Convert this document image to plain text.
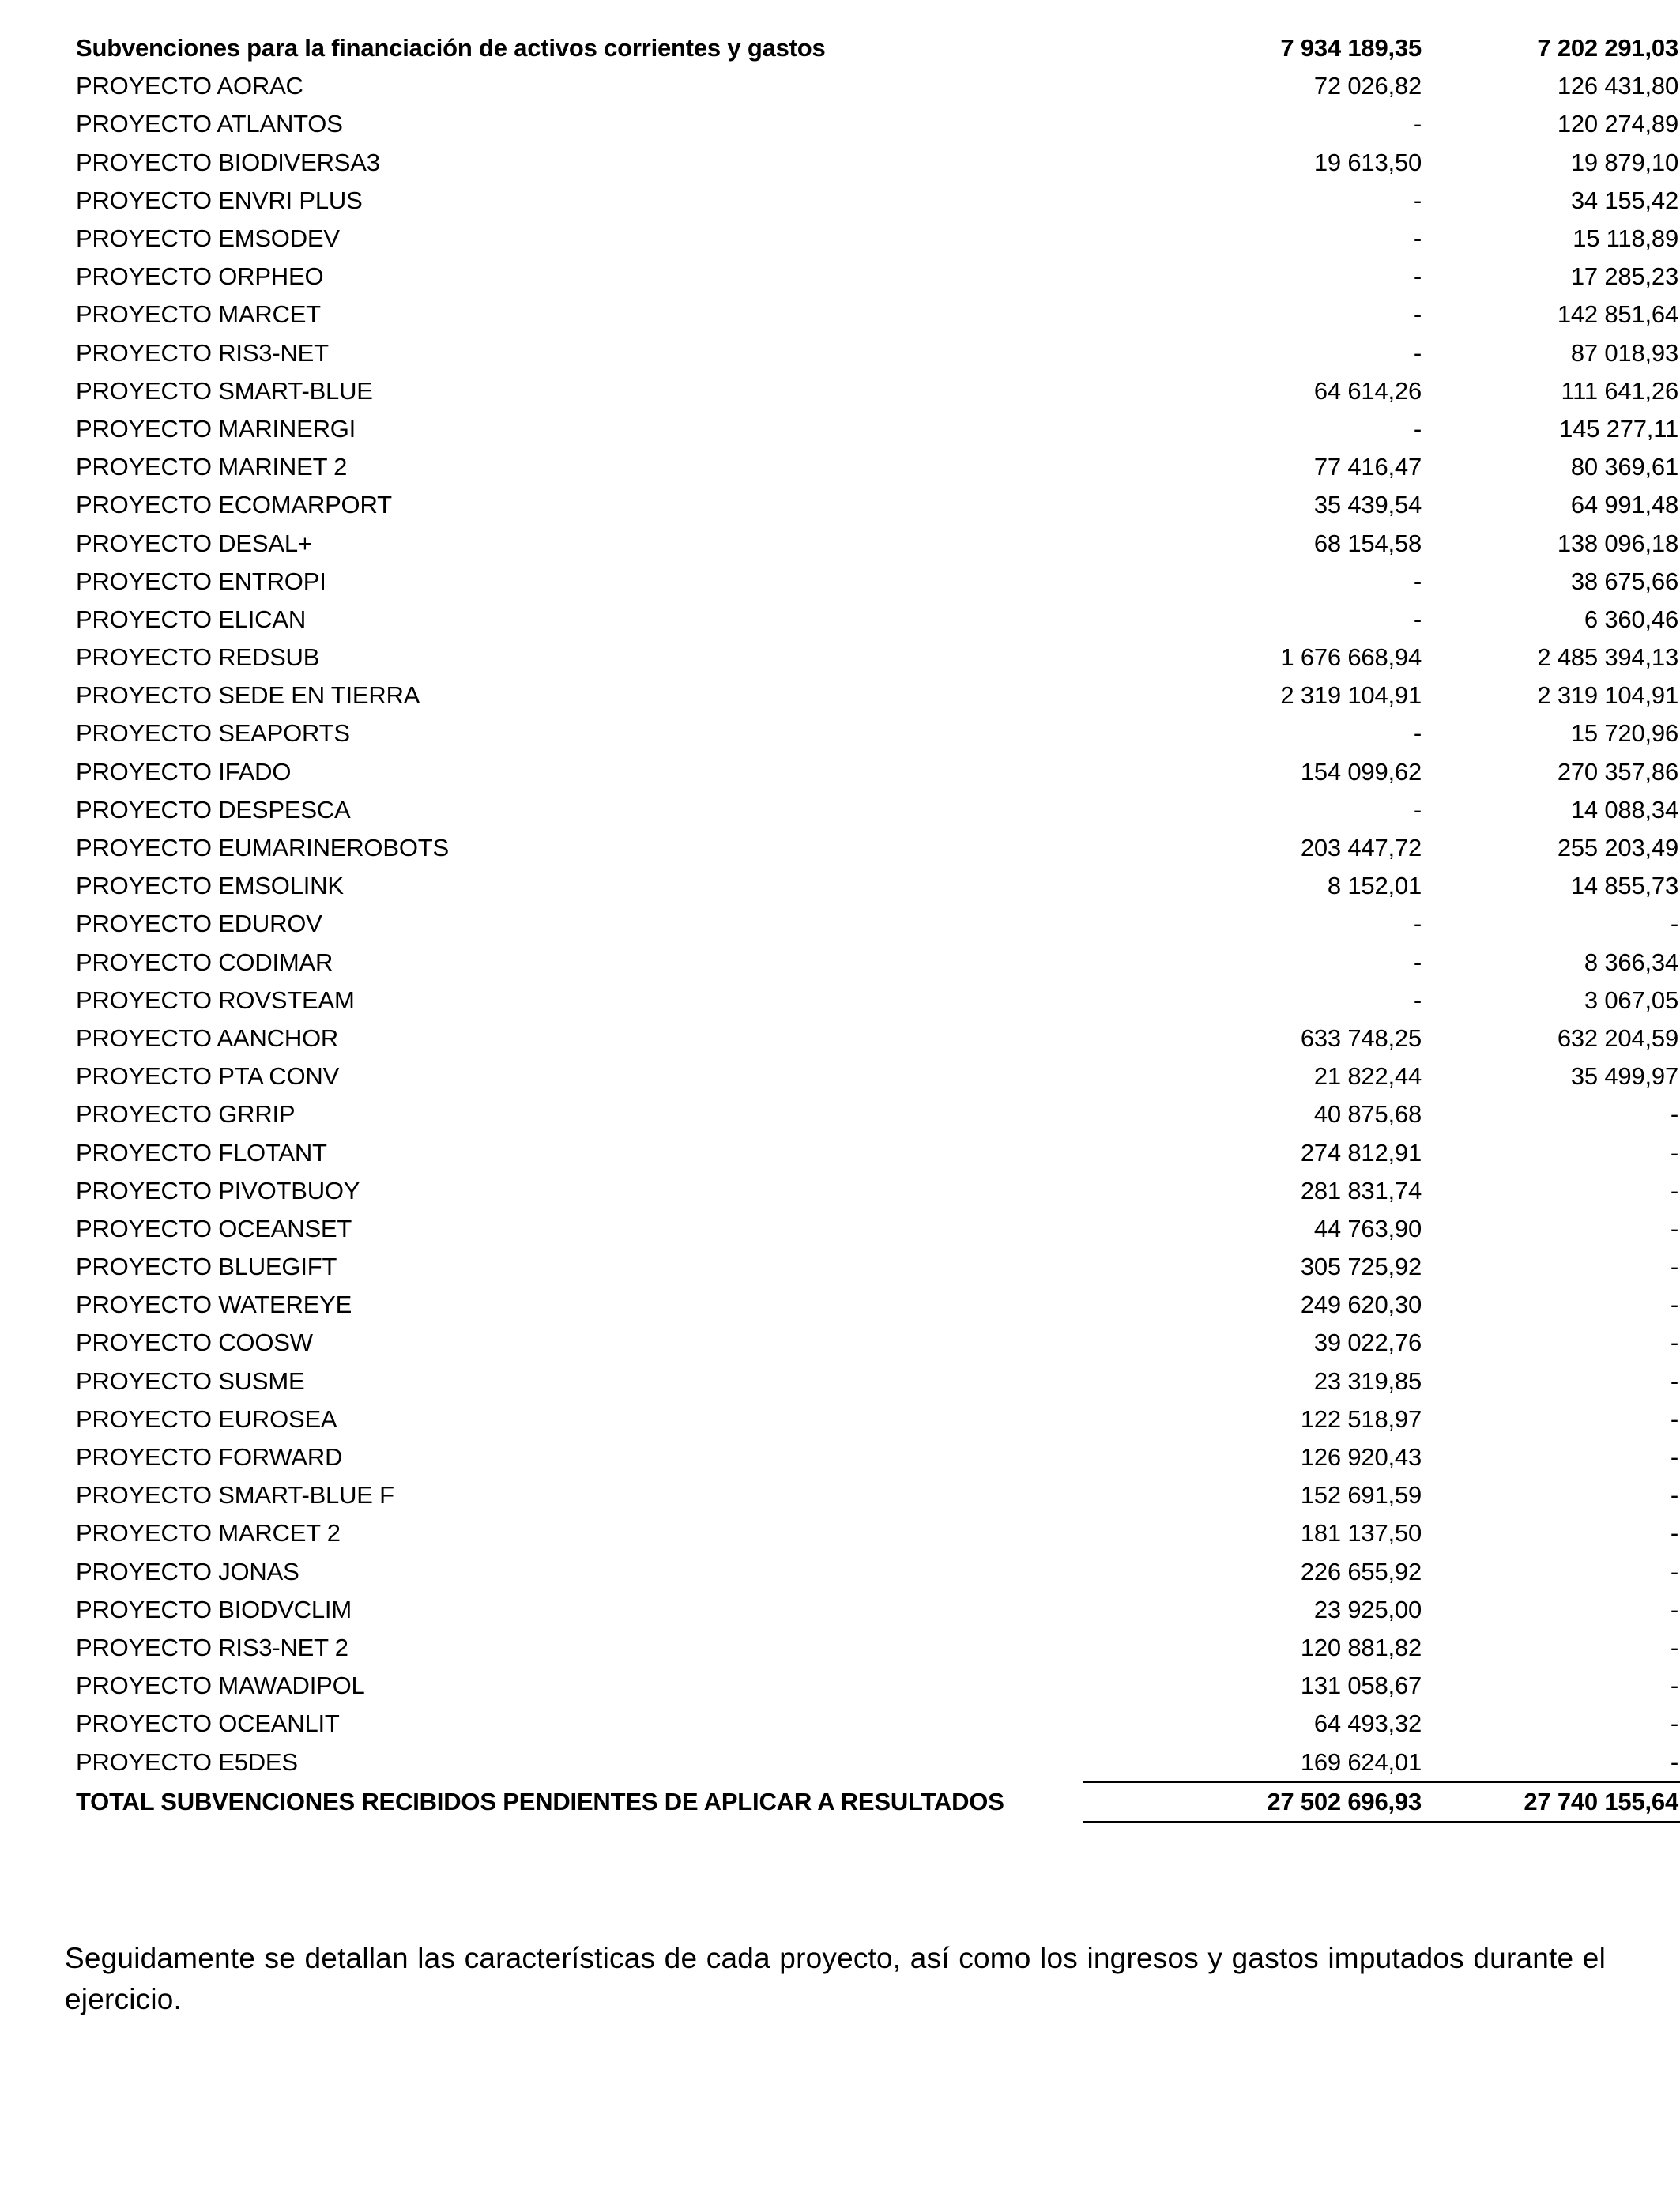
Subvenciones para la financiación de activos corrientes y gastos	7 934 189,35	7 202 291,03
PROYECTO AORAC	72 026,82	126 431,80
PROYECTO ATLANTOS	-	120 274,89
PROYECTO BIODIVERSA3	19 613,50	19 879,10
PROYECTO ENVRI PLUS	-	34 155,42
PROYECTO EMSODEV	-	15 118,89
PROYECTO ORPHEO	-	17 285,23
PROYECTO MARCET	-	142 851,64
PROYECTO RIS3-NET	-	87 018,93
PROYECTO SMART-BLUE	64 614,26	111 641,26
PROYECTO MARINERGI	-	145 277,11
PROYECTO MARINET 2	77 416,47	80 369,61
PROYECTO ECOMARPORT	35 439,54	64 991,48
PROYECTO DESAL+	68 154,58	138 096,18
PROYECTO ENTROPI	-	38 675,66
PROYECTO ELICAN	-	6 360,46
PROYECTO REDSUB	1 676 668,94	2 485 394,13
PROYECTO SEDE EN TIERRA	2 319 104,91	2 319 104,91
PROYECTO SEAPORTS	-	15 720,96
PROYECTO IFADO	154 099,62	270 357,86
PROYECTO DESPESCA	-	14 088,34
PROYECTO EUMARINEROBOTS	203 447,72	255 203,49
PROYECTO EMSOLINK	8 152,01	14 855,73
PROYECTO EDUROV	-	-
PROYECTO CODIMAR	-	8 366,34
PROYECTO ROVSTEAM	-	3 067,05
PROYECTO AANCHOR	633 748,25	632 204,59
PROYECTO PTA CONV	21 822,44	35 499,97
PROYECTO GRRIP	40 875,68	-
PROYECTO FLOTANT	274 812,91	-
PROYECTO PIVOTBUOY	281 831,74	-
PROYECTO OCEANSET	44 763,90	-
PROYECTO BLUEGIFT	305 725,92	-
PROYECTO WATEREYE	249 620,30	-
PROYECTO COOSW	39 022,76	-
PROYECTO SUSME	23 319,85	-
PROYECTO EUROSEA	122 518,97	-
PROYECTO FORWARD	126 920,43	-
PROYECTO SMART-BLUE F	152 691,59	-
PROYECTO MARCET 2	181 137,50	-
PROYECTO JONAS	226 655,92	-
PROYECTO BIODVCLIM	23 925,00	-
PROYECTO RIS3-NET 2	120 881,82	-
PROYECTO MAWADIPOL	131 058,67	-
PROYECTO OCEANLIT	64 493,32	-
PROYECTO E5DES	169 624,01	-
TOTAL SUBVENCIONES RECIBIDOS PENDIENTES DE APLICAR A RESULTADOS	27 502 696,93	27 740 155,64

Seguidamente se detallan las características de cada proyecto, así como los ingresos y gastos imputados durante el ejercicio.
